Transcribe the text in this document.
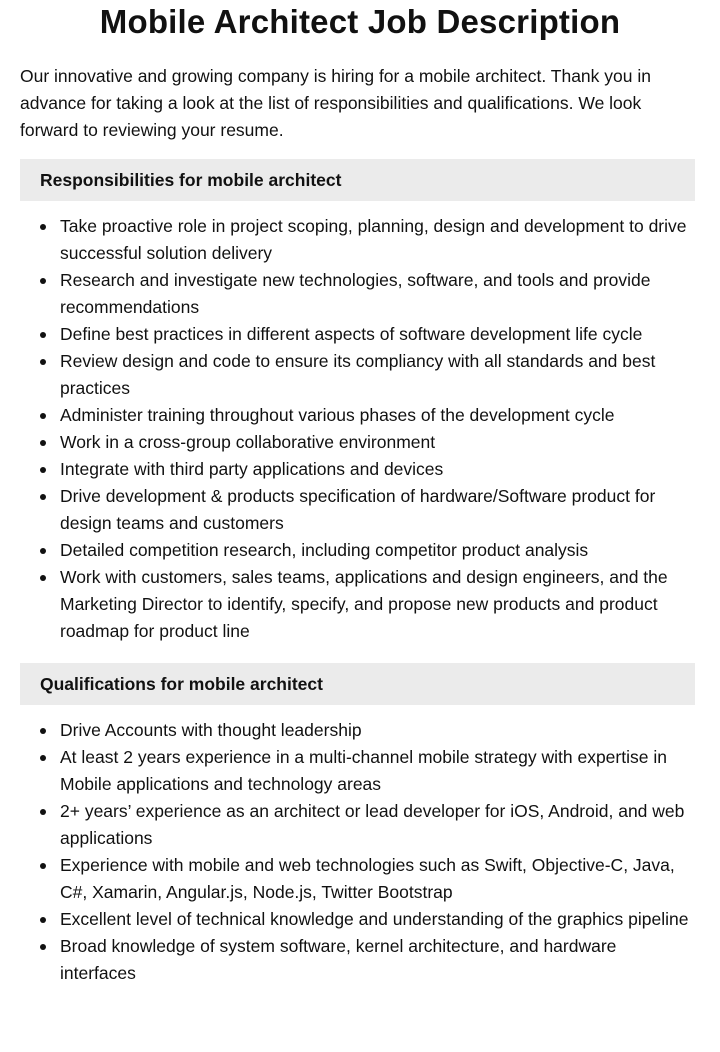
Mobile Architect Job Description

Our innovative and growing company is hiring for a mobile architect. Thank you in advance for taking a look at the list of responsibilities and qualifications. We look forward to reviewing your resume.

Responsibilities for mobile architect
Take proactive role in project scoping, planning, design and development to drive successful solution delivery
Research and investigate new technologies, software, and tools and provide recommendations
Define best practices in different aspects of software development life cycle
Review design and code to ensure its compliancy with all standards and best practices
Administer training throughout various phases of the development cycle
Work in a cross-group collaborative environment
Integrate with third party applications and devices
Drive development & products specification of hardware/Software product for design teams and customers
Detailed competition research, including competitor product analysis
Work with customers, sales teams, applications and design engineers, and the Marketing Director to identify, specify, and propose new products and product roadmap for product line
Qualifications for mobile architect
Drive Accounts with thought leadership
At least 2 years experience in a multi-channel mobile strategy with expertise in Mobile applications and technology areas
2+ years’ experience as an architect or lead developer for iOS, Android, and web applications
Experience with mobile and web technologies such as Swift, Objective-C, Java, C#, Xamarin, Angular.js, Node.js, Twitter Bootstrap
Excellent level of technical knowledge and understanding of the graphics pipeline
Broad knowledge of system software, kernel architecture, and hardware interfaces
